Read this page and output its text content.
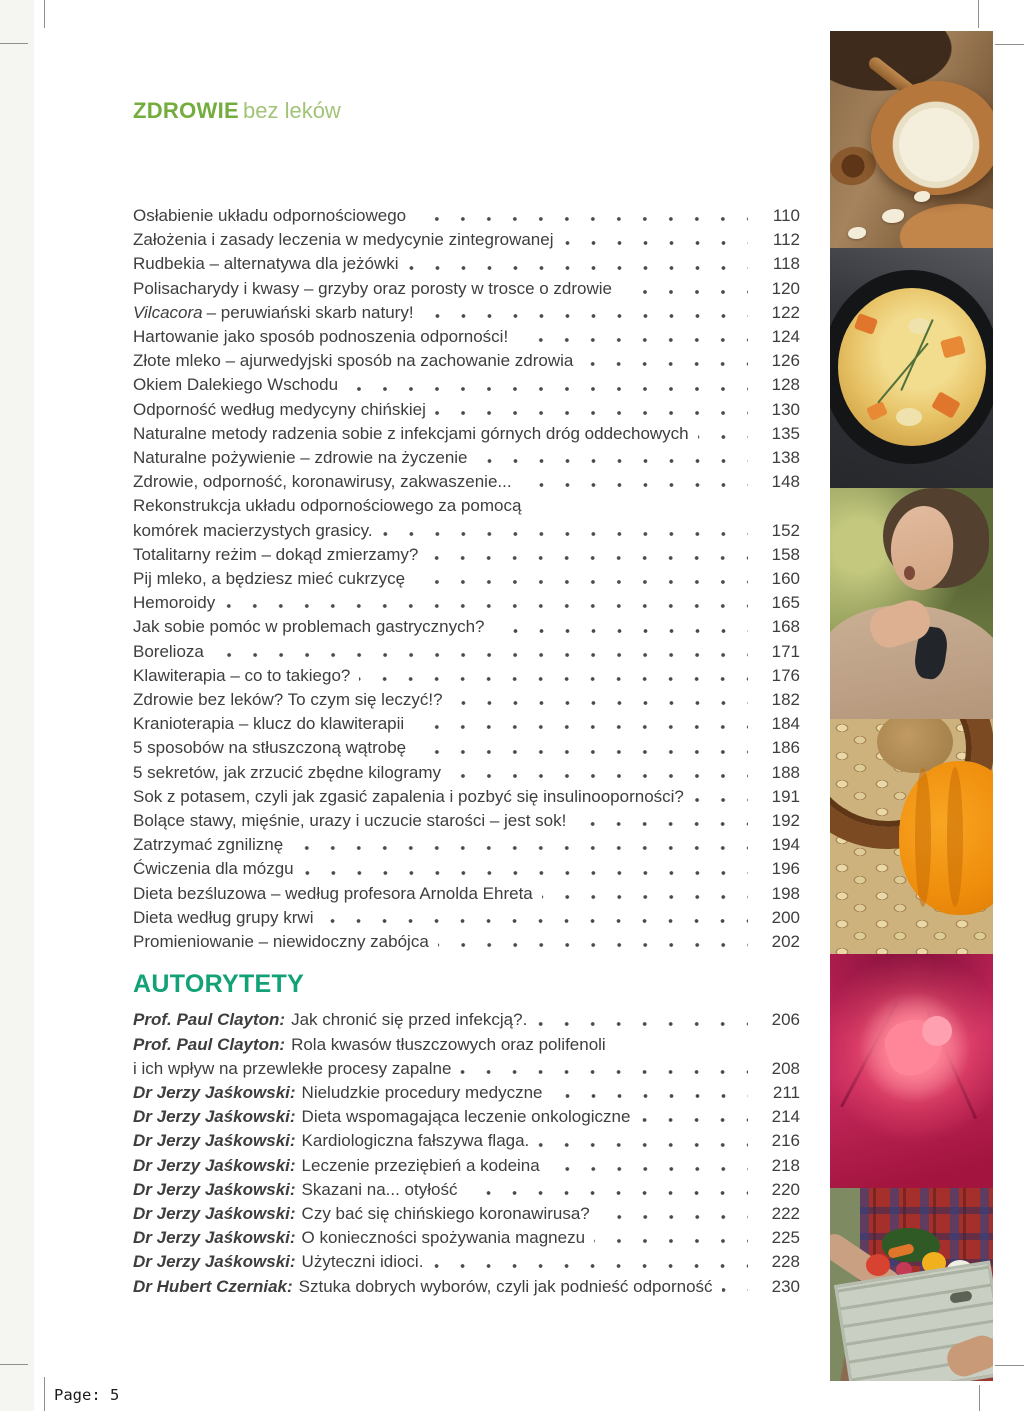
ZDROWIE bez leków
Osłabienie układu odpornościowego	110
Założenia i zasady leczenia w medycynie zintegrowanej	112
Rudbekia – alternatywa dla jeżówki	118
Polisacharydy i kwasy – grzyby oraz porosty w trosce o zdrowie	120
Vilcacora – peruwiański skarb natury!	122
Hartowanie jako sposób podnoszenia odporności!	124
Złote mleko – ajurwedyjski sposób na zachowanie zdrowia	126
Okiem Dalekiego Wschodu	128
Odporność według medycyny chińskiej	130
Naturalne metody radzenia sobie z infekcjami górnych dróg oddechowych	135
Naturalne pożywienie – zdrowie na życzenie	138
Zdrowie, odporność, koronawirusy, zakwaszenie...	148
Rekonstrukcja układu odpornościowego za pomocą
komórek macierzystych grasicy.	152
Totalitarny reżim – dokąd zmierzamy?	158
Pij mleko, a będziesz mieć cukrzycę	160
Hemoroidy	165
Jak sobie pomóc w problemach gastrycznych?	168
Borelioza	171
Klawiterapia – co to takiego?	176
Zdrowie bez leków? To czym się leczyć!?	182
Kranioterapia – klucz do klawiterapii	184
5 sposobów na stłuszczoną wątrobę	186
5 sekretów, jak zrzucić zbędne kilogramy	188
Sok z potasem, czyli jak zgasić zapalenia i pozbyć się insulinooporności?	191
Bolące stawy, mięśnie, urazy i uczucie starości – jest sok!	192
Zatrzymać zgniliznę	194
Ćwiczenia dla mózgu	196
Dieta bezśluzowa – według profesora Arnolda Ehreta	198
Dieta według grupy krwi	200
Promieniowanie – niewidoczny zabójca	202
AUTORYTETY
Prof. Paul Clayton: Jak chronić się przed infekcją?.	206
Prof. Paul Clayton: Rola kwasów tłuszczowych oraz polifenoli
i ich wpływ na przewlekłe procesy zapalne	208
Dr Jerzy Jaśkowski: Nieludzkie procedury medyczne	211
Dr Jerzy Jaśkowski: Dieta wspomagająca leczenie onkologiczne	214
Dr Jerzy Jaśkowski: Kardiologiczna fałszywa flaga.	216
Dr Jerzy Jaśkowski: Leczenie przeziębień a kodeina	218
Dr Jerzy Jaśkowski: Skazani na... otyłość	220
Dr Jerzy Jaśkowski: Czy bać się chińskiego koronawirusa?	222
Dr Jerzy Jaśkowski: O konieczności spożywania magnezu	225
Dr Jerzy Jaśkowski: Użyteczni idioci.	228
Dr Hubert Czerniak: Sztuka dobrych wyborów, czyli jak podnieść odporność	230
Page: 5
